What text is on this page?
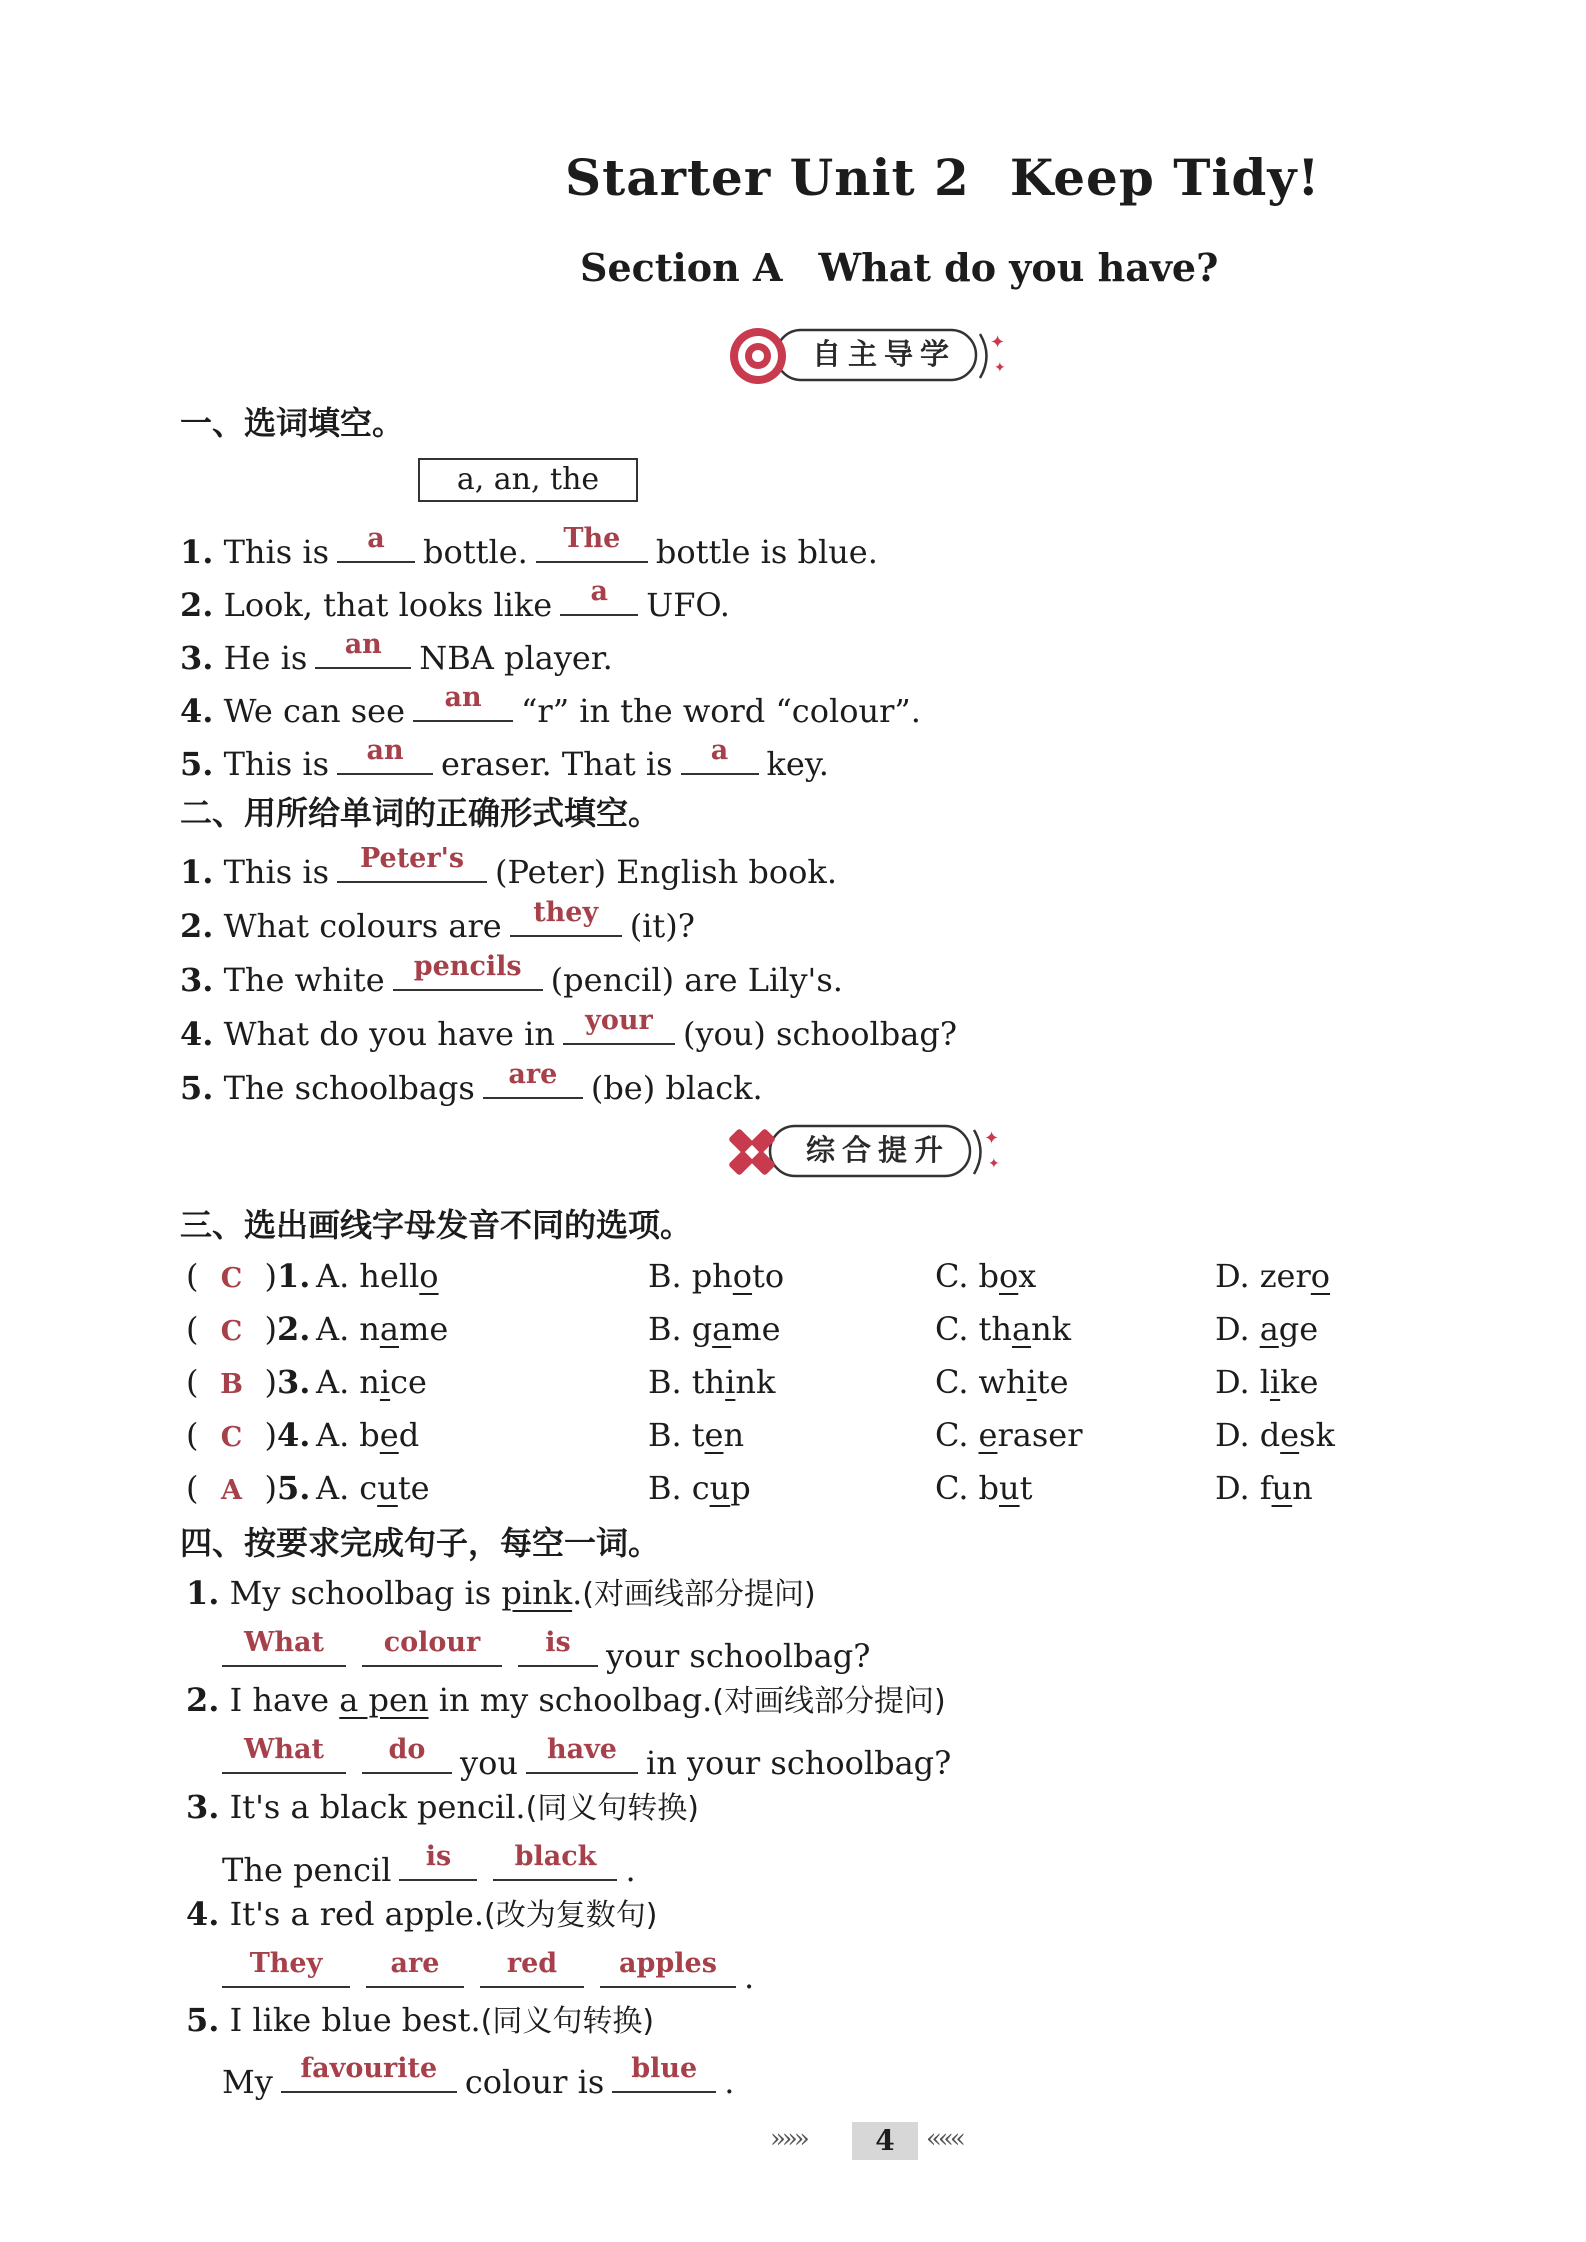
Starter Unit 2 Keep Tidy!
Section A What do you have?
✦
✦
自主导学
一、选词填空。
a, an, the
1. This is	a	bottle.	The	bottle is blue.
2. Look, that looks like	a	UFO.
3. He is	an	NBA player.
4. We can see	an	“r” in the word “colour”.
5. This is	an	eraser. That is	a	key.
二、用所给单词的正确形式填空。
1. This is	Peter's (Peter) English book.
2. What colours are	they (it)?
3. The white	pencils (pencil) are Lily's.
4. What do you have in	your (you) schoolbag?
5. The schoolbags	are	(be) black.
✦
✦
综合提升
三、选出画线字母发音不同的选项。
( C )1. A. hello	B. photo	C. box	D. zero
( C )2. A. name	B. game	C. thank	D. age
( B )3. A. nice	B. think	C. white	D. like
( C )4. A. bed	B. ten	C. eraser	D. desk
( A )5. A. cute	B. cup	C. but	D. fun
四、按要求完成句子，每空一词。
1. My schoolbag is pink.(对画线部分提问)
What	colour	is	your schoolbag?
2. I have a pen in my schoolbag.(对画线部分提问)
What	do	you	have in your schoolbag?
3. It's a black pencil.(同义句转换)
The pencil	is	black .
4. It's a red apple.(改为复数句)
They	are	red	apples .
5. I like blue best.(同义句转换)
My	favourite colour is	blue .
»»»	4	«««
